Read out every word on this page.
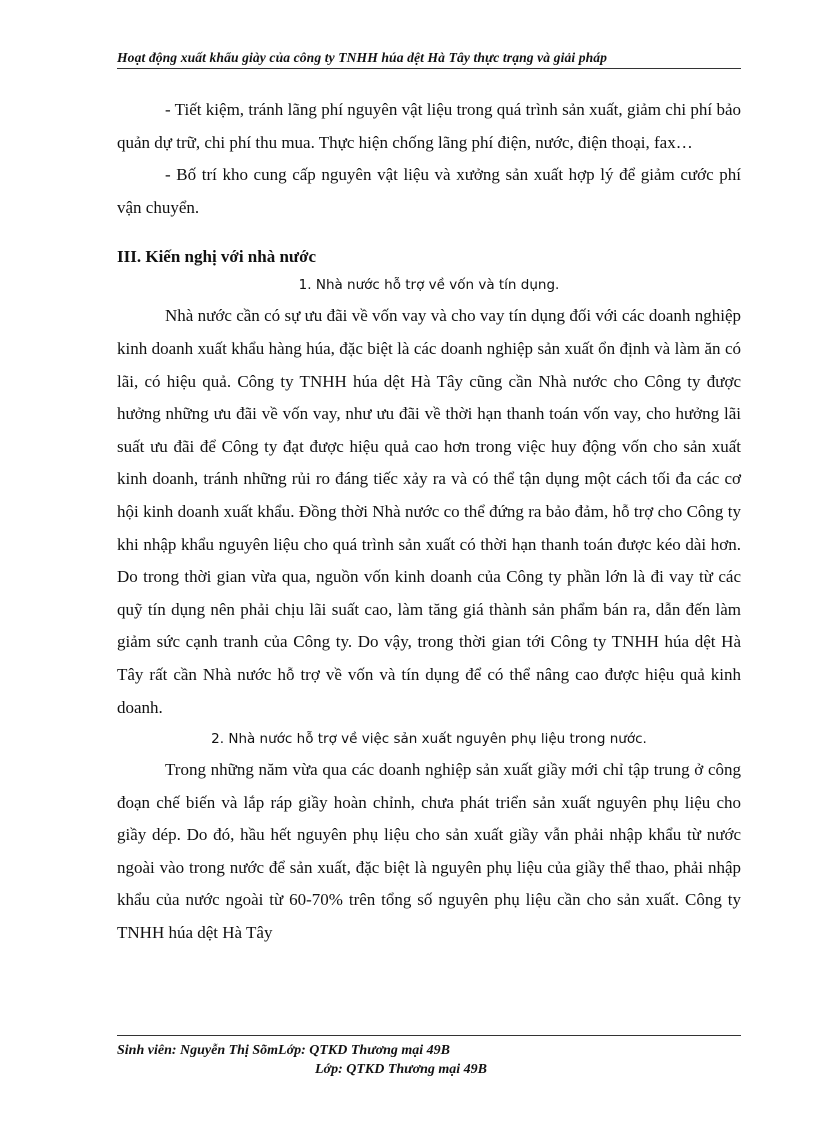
Hoạt động xuất khẩu giày của công ty TNHH húa dệt Hà Tây thực trạng và giải pháp

- Tiết kiệm, tránh lãng phí nguyên vật liệu trong quá trình sản xuất, giảm chi phí bảo quản dự trữ, chi phí thu mua. Thực hiện chống lãng phí điện, nước, điện thoại, fax…

- Bố trí kho cung cấp nguyên vật liệu và xưởng sản xuất hợp lý để giảm cước phí vận chuyển.

III. Kiến nghị với nhà nước

1. Nhà nước hỗ trợ về vốn và tín dụng.

Nhà nước cần có sự ưu đãi về vốn vay và cho vay tín dụng đối với các doanh nghiệp kinh doanh xuất khẩu hàng húa, đặc biệt là các doanh nghiệp sản xuất ổn định và làm ăn có lãi, có hiệu quả. Công ty TNHH húa dệt Hà Tây cũng cần Nhà nước cho Công ty được hưởng những ưu đãi về vốn vay, như ưu đãi về thời hạn thanh toán vốn vay, cho hưởng lãi suất ưu đãi để Công ty đạt được hiệu quả cao hơn trong việc huy động vốn cho sản xuất kinh doanh, tránh những rủi ro đáng tiếc xảy ra và có thể tận dụng một cách tối đa các cơ hội kinh doanh xuất khẩu. Đồng thời Nhà nước co thể đứng ra bảo đảm, hỗ trợ cho Công ty khi nhập khẩu nguyên liệu cho quá trình sản xuất có thời hạn thanh toán được kéo dài hơn. Do trong thời gian vừa qua, nguồn vốn kinh doanh của Công ty phần lớn là đi vay từ các quỹ tín dụng nên phải chịu lãi suất cao, làm tăng giá thành sản phẩm bán ra, dẫn đến làm giảm sức cạnh tranh của Công ty. Do vậy, trong thời gian tới Công ty TNHH húa dệt Hà Tây rất cần Nhà nước hỗ trợ về vốn và tín dụng để có thể nâng cao được hiệu quả kinh doanh.

2. Nhà nước hỗ trợ về việc sản xuất nguyên phụ liệu trong nước.

Trong những năm vừa qua các doanh nghiệp sản xuất giầy mới chỉ tập trung ở công đoạn chế biến và lắp ráp giầy hoàn chỉnh, chưa phát triển sản xuất nguyên phụ liệu cho giầy dép. Do đó, hầu hết nguyên phụ liệu cho sản xuất giầy vẫn phải nhập khẩu từ nước ngoài vào trong nước để sản xuất, đặc biệt là nguyên phụ liệu của giầy thể thao, phải nhập khẩu của nước ngoài từ 60-70% trên tổng số nguyên phụ liệu cần cho sản xuất. Công ty TNHH húa dệt Hà Tây

Sinh viên: Nguyễn Thị SõmLớp: QTKD Thương mại 49B
Lớp: QTKD Thương mại 49B
